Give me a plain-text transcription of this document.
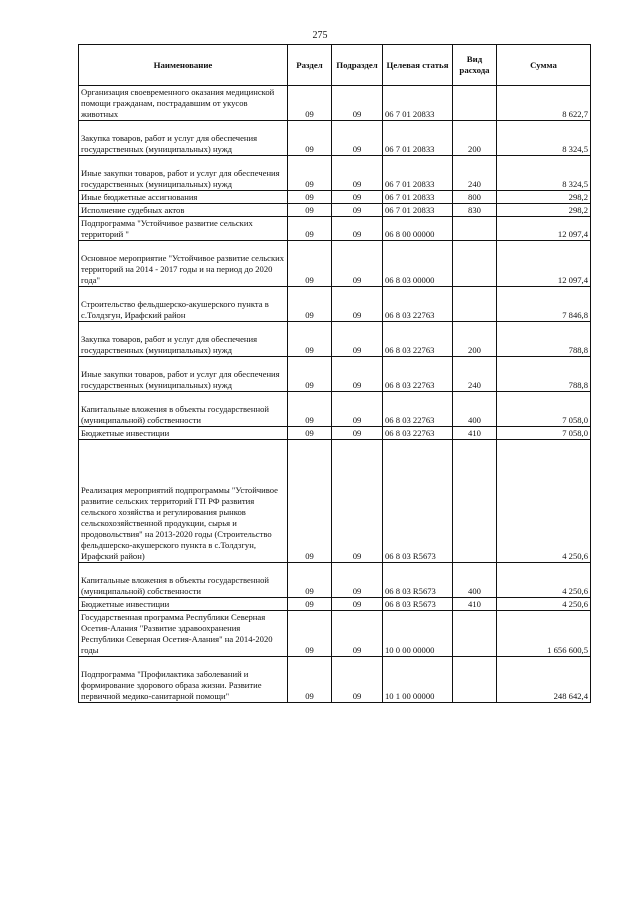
275
Наименование	Раздел	Подраздел	Целевая статья	Вид расхода	Сумма
Организация своевременного оказания медицинской помощи гражданам, пострадавшим от укусов животных	09	09	06 7 01 20833		8 622,7
Закупка товаров, работ и услуг для обеспечения государственных (муниципальных) нужд	09	09	06 7 01 20833	200	8 324,5
Иные закупки товаров, работ и услуг для обеспечения государственных (муниципальных) нужд	09	09	06 7 01 20833	240	8 324,5
Иные бюджетные ассигнования	09	09	06 7 01 20833	800	298,2
Исполнение судебных актов	09	09	06 7 01 20833	830	298,2
Подпрограмма "Устойчивое развитие сельских территорий "	09	09	06 8 00 00000		12 097,4
Основное мероприятие "Устойчивое развитие сельских территорий на 2014 - 2017 годы и на период до 2020 года"	09	09	06 8 03 00000		12 097,4
Строительство фельдшерско-акушерского пункта в с.Толдзгун, Ирафский район	09	09	06 8 03 22763		7 846,8
Закупка товаров, работ и услуг для обеспечения государственных (муниципальных) нужд	09	09	06 8 03 22763	200	788,8
Иные закупки товаров, работ и услуг для обеспечения государственных (муниципальных) нужд	09	09	06 8 03 22763	240	788,8
Капитальные вложения в объекты государственной (муниципальной) собственности	09	09	06 8 03 22763	400	7 058,0
Бюджетные инвестиции	09	09	06 8 03 22763	410	7 058,0
Реализация мероприятий подпрограммы "Устойчивое развитие сельских территорий ГП РФ развития сельского хозяйства и регулирования рынков сельскохозяйственной продукции, сырья и продовольствия" на 2013-2020 годы (Строительство фельдшерско-акушерского пункта в с.Толдзгун, Ирафский район)	09	09	06 8 03 R5673		4 250,6
Капитальные вложения в объекты государственной (муниципальной) собственности	09	09	06 8 03 R5673	400	4 250,6
Бюджетные инвестиции	09	09	06 8 03 R5673	410	4 250,6
Государственная программа Республики Северная Осетия-Алания "Развитие здравоохранения Республики Северная Осетия-Алания" на 2014-2020 годы	09	09	10 0 00 00000		1 656 600,5
Подпрограмма "Профилактика заболеваний и формирование здорового образа жизни. Развитие первичной медико-санитарной помощи"	09	09	10 1 00 00000		248 642,4
